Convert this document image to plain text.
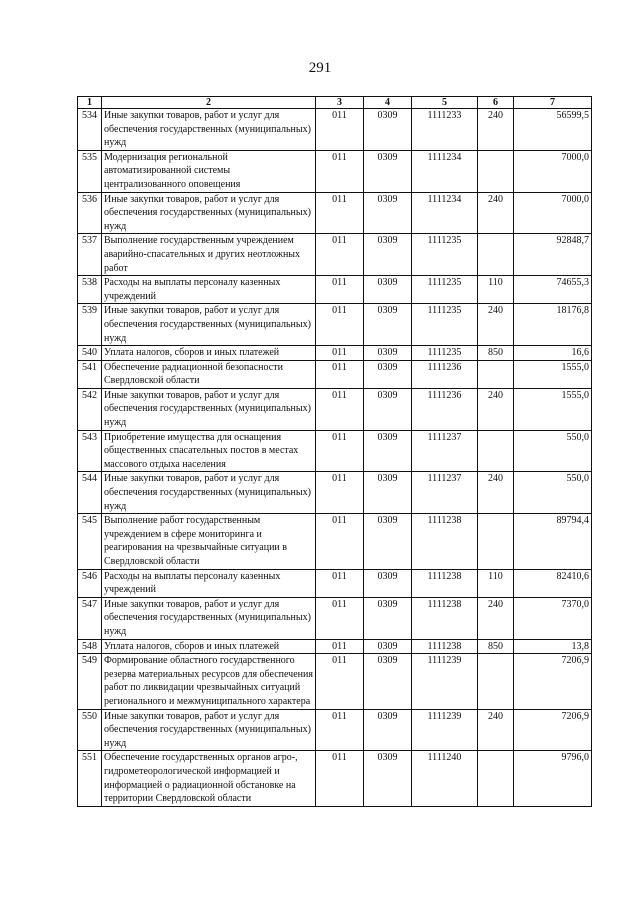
291
1	2	3	4	5	6	7
534	Иные закупки товаров, работ и услуг для обеспечения государственных (муниципальных) нужд	011	0309	1111233	240	56599,5
535	Модернизация региональной автоматизированной системы централизованного оповещения	011	0309	1111234		7000,0
536	Иные закупки товаров, работ и услуг для обеспечения государственных (муниципальных) нужд	011	0309	1111234	240	7000,0
537	Выполнение государственным учреждением аварийно-спасательных и других неотложных работ	011	0309	1111235		92848,7
538	Расходы на выплаты персоналу казенных учреждений	011	0309	1111235	110	74655,3
539	Иные закупки товаров, работ и услуг для обеспечения государственных (муниципальных) нужд	011	0309	1111235	240	18176,8
540	Уплата налогов, сборов и иных платежей	011	0309	1111235	850	16,6
541	Обеспечение радиационной безопасности Свердловской области	011	0309	1111236		1555,0
542	Иные закупки товаров, работ и услуг для обеспечения государственных (муниципальных) нужд	011	0309	1111236	240	1555,0
543	Приобретение имущества для оснащения общественных спасательных постов в местах массового отдыха населения	011	0309	1111237		550,0
544	Иные закупки товаров, работ и услуг для обеспечения государственных (муниципальных) нужд	011	0309	1111237	240	550,0
545	Выполнение работ государственным учреждением в сфере мониторинга и реагирования на чрезвычайные ситуации в Свердловской области	011	0309	1111238		89794,4
546	Расходы на выплаты персоналу казенных учреждений	011	0309	1111238	110	82410,6
547	Иные закупки товаров, работ и услуг для обеспечения государственных (муниципальных) нужд	011	0309	1111238	240	7370,0
548	Уплата налогов, сборов и иных платежей	011	0309	1111238	850	13,8
549	Формирование областного государственного резерва материальных ресурсов для обеспечения работ по ликвидации чрезвычайных ситуаций регионального и межмуниципального характера	011	0309	1111239		7206,9
550	Иные закупки товаров, работ и услуг для обеспечения государственных (муниципальных) нужд	011	0309	1111239	240	7206,9
551	Обеспечение государственных органов агро-, гидрометеорологической информацией и информацией о радиационной обстановке на территории Свердловской области	011	0309	1111240		9796,0
